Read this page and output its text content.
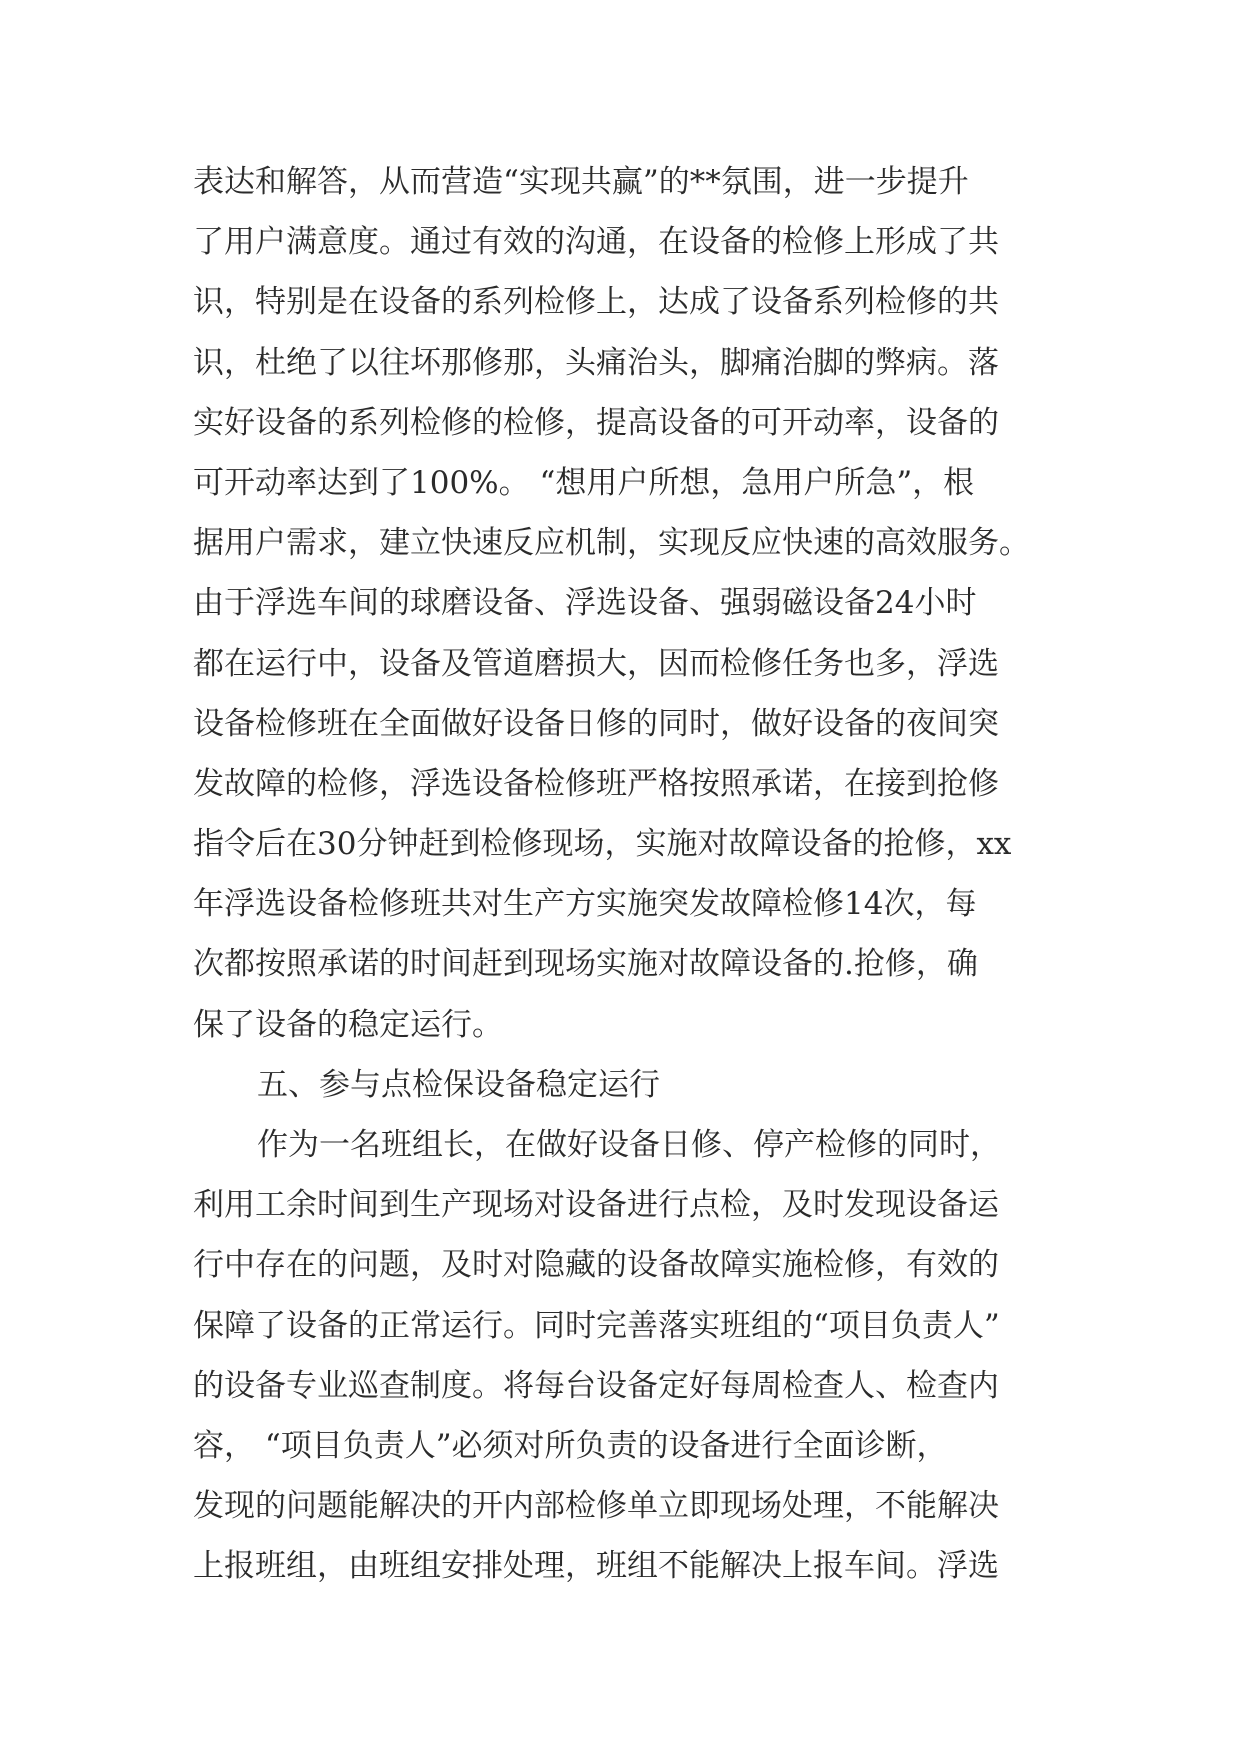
表达和解答，从而营造“实现共赢”的**氛围，进一步提升
了用户满意度。通过有效的沟通，在设备的检修上形成了共
识，特别是在设备的系列检修上，达成了设备系列检修的共
识，杜绝了以往坏那修那，头痛治头，脚痛治脚的弊病。落
实好设备的系列检修的检修，提高设备的可开动率，设备的
可开动率达到了100%。 “想用户所想，急用户所急”，根
据用户需求，建立快速反应机制，实现反应快速的高效服务。
由于浮选车间的球磨设备、浮选设备、强弱磁设备24小时
都在运行中，设备及管道磨损大，因而检修任务也多，浮选
设备检修班在全面做好设备日修的同时，做好设备的夜间突
发故障的检修，浮选设备检修班严格按照承诺，在接到抢修
指令后在30分钟赶到检修现场，实施对故障设备的抢修，xx
年浮选设备检修班共对生产方实施突发故障检修14次，每
次都按照承诺的时间赶到现场实施对故障设备的.抢修，确
保了设备的稳定运行。
五、参与点检保设备稳定运行
作为一名班组长，在做好设备日修、停产检修的同时，
利用工余时间到生产现场对设备进行点检，及时发现设备运
行中存在的问题，及时对隐藏的设备故障实施检修，有效的
保障了设备的正常运行。同时完善落实班组的“项目负责人”
的设备专业巡查制度。将每台设备定好每周检查人、检查内
容， “项目负责人”必须对所负责的设备进行全面诊断，
发现的问题能解决的开内部检修单立即现场处理，不能解决
上报班组，由班组安排处理，班组不能解决上报车间。浮选
